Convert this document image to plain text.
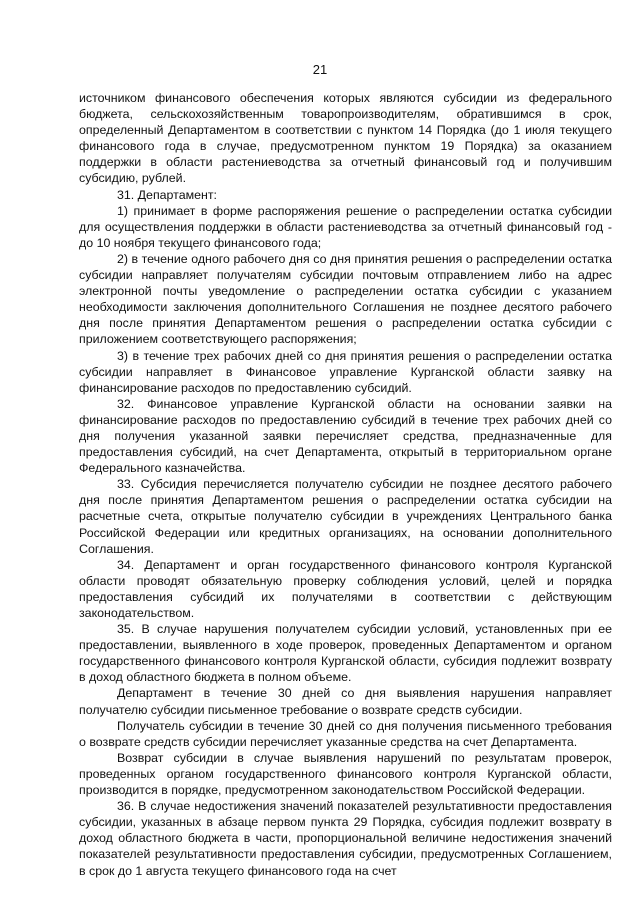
21

источником финансового обеспечения которых являются субсидии из федерального бюджета, сельскохозяйственным товаропроизводителям, обратившимся в срок, определенный Департаментом в соответствии с пунктом 14 Порядка (до 1 июля текущего финансового года в случае, предусмотренном пунктом 19 Порядка) за оказанием поддержки в области растениеводства за отчетный финансовый год и получившим субсидию, рублей.

31. Департамент:

1) принимает в форме распоряжения решение о распределении остатка субсидии для осуществления поддержки в области растениеводства за отчетный финансовый год - до 10 ноября текущего финансового года;

2) в течение одного рабочего дня со дня принятия решения о распределении остатка субсидии направляет получателям субсидии почтовым отправлением либо на адрес электронной почты уведомление о распределении остатка субсидии с указанием необходимости заключения дополнительного Соглашения не позднее десятого рабочего дня после принятия Департаментом решения о распределении остатка субсидии с приложением соответствующего распоряжения;

3) в течение трех рабочих дней со дня принятия решения о распределении остатка субсидии направляет в Финансовое управление Курганской области заявку на финансирование расходов по предоставлению субсидий.

32. Финансовое управление Курганской области на основании заявки на финансирование расходов по предоставлению субсидий в течение трех рабочих дней со дня получения указанной заявки перечисляет средства, предназначенные для предоставления субсидий, на счет Департамента, открытый в территориальном органе Федерального казначейства.

33. Субсидия перечисляется получателю субсидии не позднее десятого рабочего дня после принятия Департаментом решения о распределении остатка субсидии на расчетные счета, открытые получателю субсидии в учреждениях Центрального банка Российской Федерации или кредитных организациях, на основании дополнительного Соглашения.

34. Департамент и орган государственного финансового контроля Курганской области проводят обязательную проверку соблюдения условий, целей и порядка предоставления субсидий их получателями в соответствии с действующим законодательством.

35. В случае нарушения получателем субсидии условий, установленных при ее предоставлении, выявленного в ходе проверок, проведенных Департаментом и органом государственного финансового контроля Курганской области, субсидия подлежит возврату в доход областного бюджета в полном объеме.

Департамент в течение 30 дней со дня выявления нарушения направляет получателю субсидии письменное требование о возврате средств субсидии.

Получатель субсидии в течение 30 дней со дня получения письменного требования о возврате средств субсидии перечисляет указанные средства на счет Департамента.

Возврат субсидии в случае выявления нарушений по результатам проверок, проведенных органом государственного финансового контроля Курганской области, производится в порядке, предусмотренном законодательством Российской Федерации.

36. В случае недостижения значений показателей результативности предоставления субсидии, указанных в абзаце первом пункта 29 Порядка, субсидия подлежит возврату в доход областного бюджета в части, пропорциональной величине недостижения значений показателей результативности предоставления субсидии, предусмотренных Соглашением, в срок до 1 августа текущего финансового года на счет
